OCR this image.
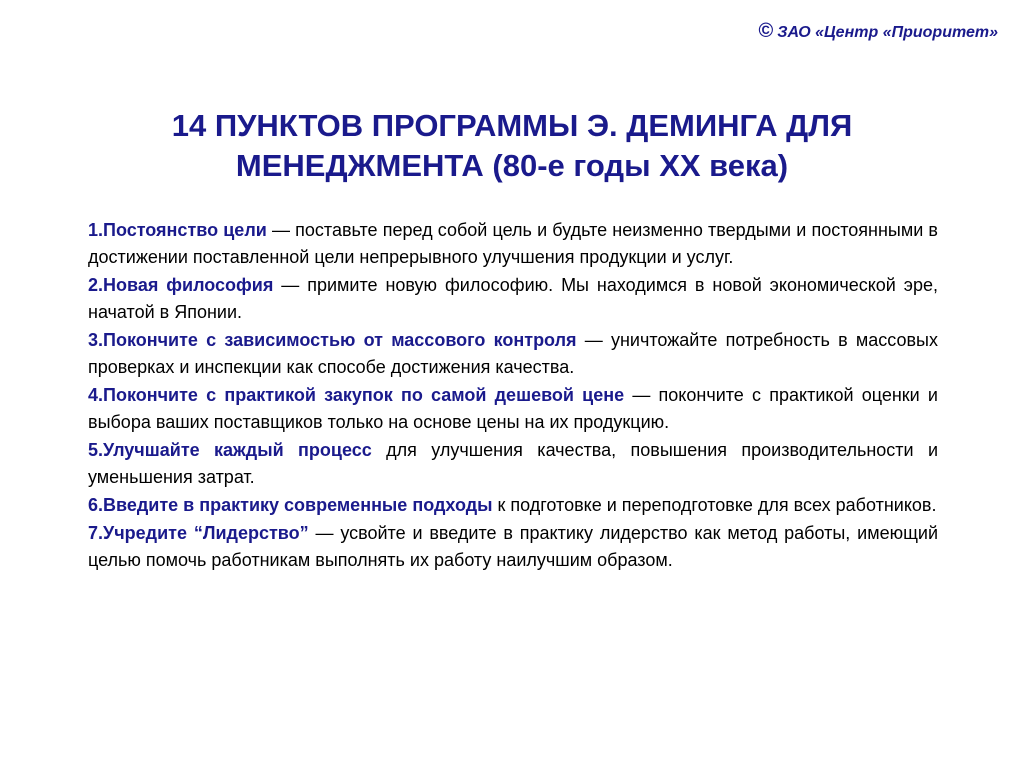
© ЗАО «Центр «Приоритет»
14 ПУНКТОВ ПРОГРАММЫ Э. ДЕМИНГА ДЛЯ
МЕНЕДЖМЕНТА (80-е годы XX века)

1.Постоянство цели — поставьте перед собой цель и будьте неизменно твердыми и постоянными в достижении поставленной цели непрерывного улучшения продукции и услуг.

2.Новая философия — примите новую философию. Мы находимся в новой экономической эре, начатой в Японии.

3.Покончите с зависимостью от массового контроля — уничтожайте потребность в массовых проверках и инспекции как способе достижения качества.

4.Покончите с практикой закупок по самой дешевой цене — покончите с практикой оценки и выбора ваших поставщиков только на основе цены на их продукцию.

5.Улучшайте каждый процесс для улучшения качества, повышения производительности и уменьшения затрат.

6.Введите в практику современные подходы к подготовке и переподготовке для всех работников.

7.Учредите “Лидерство” — усвойте и введите в практику лидерство как метод работы, имеющий целью помочь работникам выполнять их работу наилучшим образом.
